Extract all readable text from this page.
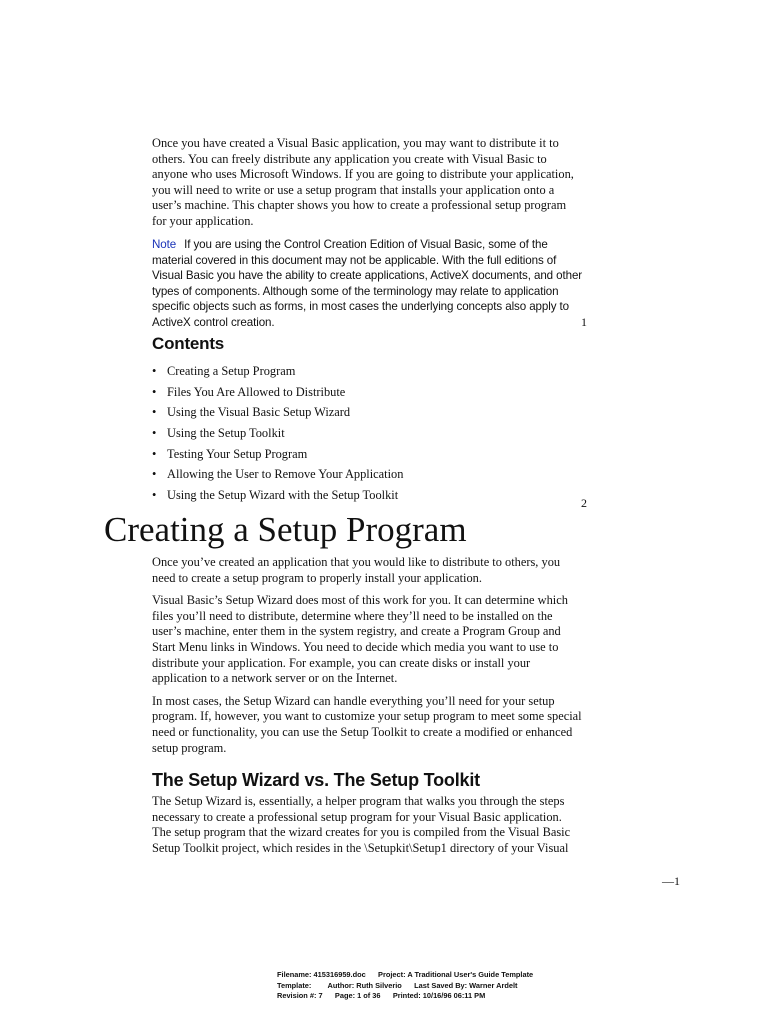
Once you have created a Visual Basic application, you may want to distribute it to others. You can freely distribute any application you create with Visual Basic to anyone who uses Microsoft Windows. If you are going to distribute your application, you will need to write or use a setup program that installs your application onto a user’s machine. This chapter shows you how to create a professional setup program for your application.

Note If you are using the Control Creation Edition of Visual Basic, some of the material covered in this document may not be applicable. With the full editions of Visual Basic you have the ability to create applications, ActiveX documents, and other types of components. Although some of the terminology may relate to application specific objects such as forms, in most cases the underlying concepts also apply to ActiveX control creation.	1
Contents
• Creating a Setup Program
• Files You Are Allowed to Distribute
• Using the Visual Basic Setup Wizard
• Using the Setup Toolkit
• Testing Your Setup Program
• Allowing the User to Remove Your Application
• Using the Setup Wizard with the Setup Toolkit
2
Creating a Setup Program

Once you’ve created an application that you would like to distribute to others, you need to create a setup program to properly install your application.

Visual Basic’s Setup Wizard does most of this work for you. It can determine which files you’ll need to distribute, determine where they’ll need to be installed on the user’s machine, enter them in the system registry, and create a Program Group and Start Menu links in Windows. You need to decide which media you want to use to distribute your application. For example, you can create disks or install your application to a network server or on the Internet.

In most cases, the Setup Wizard can handle everything you’ll need for your setup program. If, however, you want to customize your setup program to meet some special need or functionality, you can use the Setup Toolkit to create a modified or enhanced setup program.

The Setup Wizard vs. The Setup Toolkit

The Setup Wizard is, essentially, a helper program that walks you through the steps necessary to create a professional setup program for your Visual Basic application. The setup program that the wizard creates for you is compiled from the Visual Basic Setup Toolkit project, which resides in the \Setupkit\Setup1 directory of your Visual

—1
Filename: 415316959.doc      Project: A Traditional User's Guide Template
Template:        Author: Ruth Silverio      Last Saved By: Warner Ardelt
Revision #: 7      Page: 1 of 36      Printed: 10/16/96 06:11 PM
